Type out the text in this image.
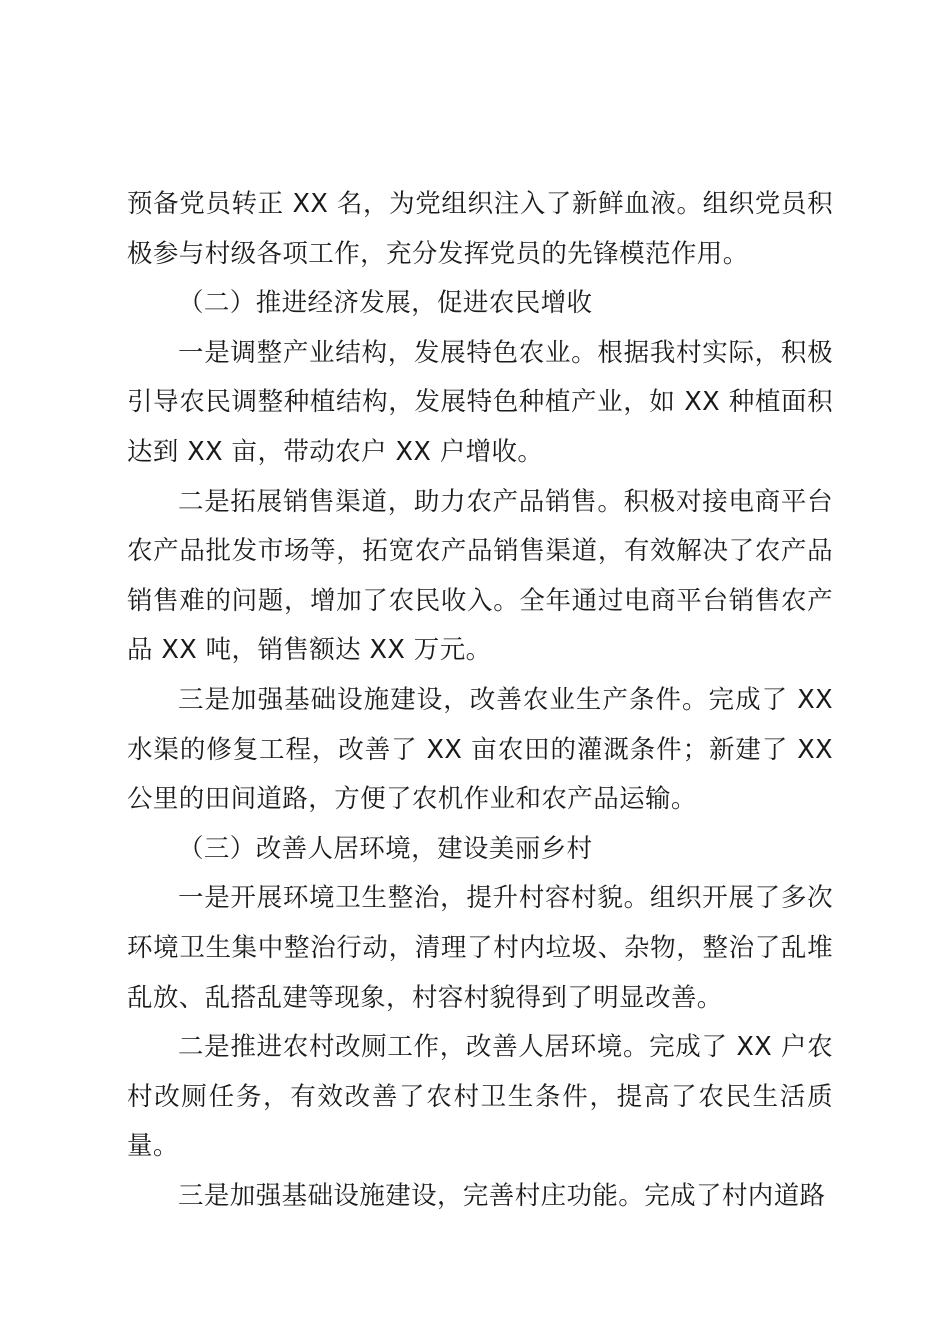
预备党员转正 XX 名，为党组织注入了新鲜血液。组织党员积极参与村级各项工作，充分发挥党员的先锋模范作用。

（二）推进经济发展，促进农民增收

一是调整产业结构，发展特色农业。根据我村实际，积极引导农民调整种植结构，发展特色种植产业，如 XX 种植面积达到 XX 亩，带动农户 XX 户增收。

二是拓展销售渠道，助力农产品销售。积极对接电商平台农产品批发市场等，拓宽农产品销售渠道，有效解决了农产品销售难的问题，增加了农民收入。全年通过电商平台销售农产品 XX 吨，销售额达 XX 万元。

三是加强基础设施建设，改善农业生产条件。完成了 XX 水渠的修复工程，改善了 XX 亩农田的灌溉条件；新建了 XX 公里的田间道路，方便了农机作业和农产品运输。

（三）改善人居环境，建设美丽乡村

一是开展环境卫生整治，提升村容村貌。组织开展了多次环境卫生集中整治行动，清理了村内垃圾、杂物，整治了乱堆乱放、乱搭乱建等现象，村容村貌得到了明显改善。

二是推进农村改厕工作，改善人居环境。完成了 XX 户农村改厕任务，有效改善了农村卫生条件，提高了农民生活质量。

三是加强基础设施建设，完善村庄功能。完成了村内道路
